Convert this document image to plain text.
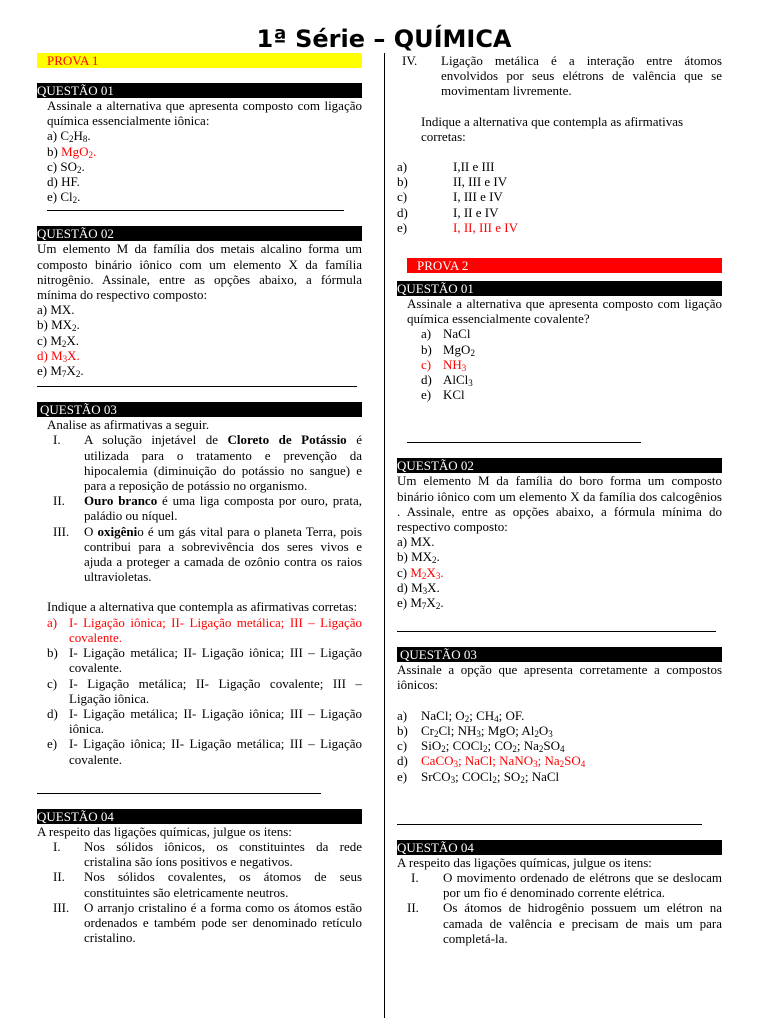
1ª Série – QUÍMICA
PROVA 1
QUESTÃO 01
Assinale a alternativa que apresenta composto com ligação química essencialmente iônica:
a) $C_2H_8$.
b) MgO$_2$.
c) $SO_2$.
d) HF.
e) $Cl_2$.
QUESTÃO 02
Um elemento M da família dos metais alcalino forma um composto binário iônico com um elemento X da família nitrogênio. Assinale, entre as opções abaixo, a fórmula mínima do respectivo composto:
a) MX.
b) $MX_2$.
c) $M_2X$.
d) $M_3X$.
e) $M_7X_2$.
QUESTÃO 03
Analise as afirmativas a seguir.
I.	A solução injetável de Cloreto de Potássio é utilizada para o tratamento e prevenção da hipocalemia (diminuição do potássio no sangue) e para a reposição de potássio no organismo.
II.	Ouro branco é uma liga composta por ouro, prata, paládio ou níquel.
III.	O oxigênio é um gás vital para o planeta Terra, pois contribui para a sobrevivência dos seres vivos e ajuda a proteger a camada de ozônio contra os raios ultravioletas.
Indique a alternativa que contempla as afirmativas corretas:
a) I- Ligação iônica; II- Ligação metálica; III – Ligação covalente.
b) I- Ligação metálica; II- Ligação iônica; III – Ligação covalente.
c) I- Ligação metálica; II- Ligação covalente; III – Ligação iônica.
d) I- Ligação metálica; II- Ligação iônica; III – Ligação iônica.
e) I- Ligação iônica; II- Ligação metálica; III – Ligação covalente.
QUESTÃO 04
A respeito das ligações químicas, julgue os itens:
I.	Nos sólidos iônicos, os constituintes da rede cristalina são íons positivos e negativos.
II.	Nos sólidos covalentes, os átomos de seus constituintes são eletricamente neutros.
III.	O arranjo cristalino é a forma como os átomos estão ordenados e também pode ser denominado retículo cristalino.
IV.	Ligação metálica é a interação entre átomos envolvidos por seus elétrons de valência que se movimentam livremente.
Indique a alternativa que contempla as afirmativas corretas:
a)	I,II e III
b)	II, III e IV
c)	I, III e IV
d)	I, II e IV
e)	I, II, III e IV
PROVA 2
QUESTÃO 01
Assinale a alternativa que apresenta composto com ligação química essencialmente covalente?
a) NaCl
b) MgO$_2$
c) $NH_3$
d) AlCl$_3$
e) KCl
QUESTÃO 02
Um elemento M da família do boro forma um composto binário iônico com um elemento X da família dos calcogênios . Assinale, entre as opções abaixo, a fórmula mínima do respectivo composto:
a) MX.
b) $MX_2$.
c) $M_2X_3$.
d) $M_3X$.
e) $M_7X_2$.
QUESTÃO 03
Assinale a opção que apresenta corretamente a compostos iônicos:
a)	NaCl; $O_2$; $CH_4$; OF.
b)	$Cr_2Cl$; $NH_3$; MgO; $Al_2O_3$
c)	SiO$_2$; COCl$_2$; $CO_2$; $Na_2SO_4$
d)	CaCO$_3$; NaCl; NaNO$_3$; $Na_2SO_4$
e)	SrCO$_3$; COCl$_2$; $SO_2$; NaCl
QUESTÃO 04
A respeito das ligações químicas, julgue os itens:
I.	O movimento ordenado de elétrons que se deslocam por um fio é denominado corrente elétrica.
II.	Os átomos de hidrogênio possuem um elétron na camada de valência e precisam de mais um para completá-la.
